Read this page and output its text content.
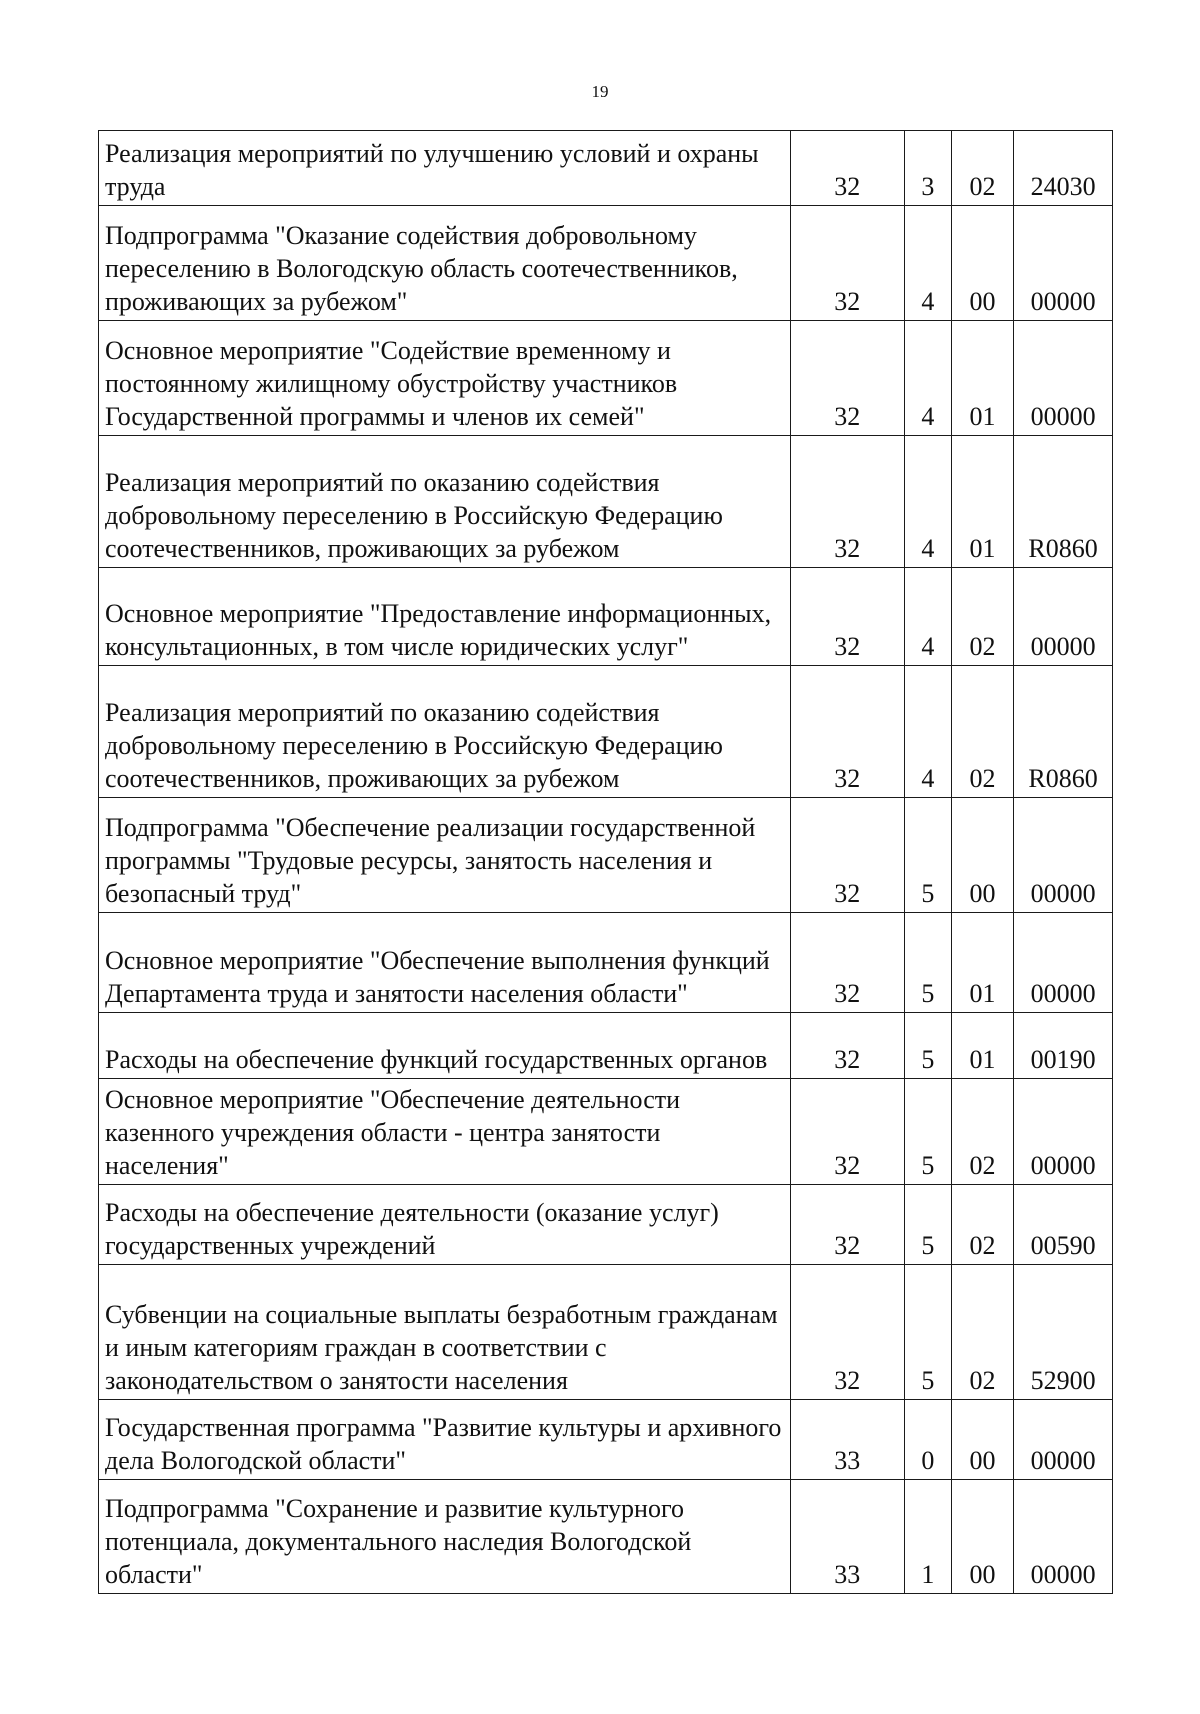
19
Реализация мероприятий по улучшению условий и охраны труда	32	3	02	24030
Подпрограмма "Оказание содействия добровольному переселению в Вологодскую область соотечественников, проживающих за рубежом"	32	4	00	00000
Основное мероприятие "Содействие временному и постоянному жилищному обустройству участников Государственной программы и членов их семей"	32	4	01	00000
Реализация мероприятий по оказанию содействия добровольному переселению в Российскую Федерацию соотечественников, проживающих за рубежом	32	4	01	R0860
Основное мероприятие "Предоставление информационных, консультационных, в том числе юридических услуг"	32	4	02	00000
Реализация мероприятий по оказанию содействия добровольному переселению в Российскую Федерацию соотечественников, проживающих за рубежом	32	4	02	R0860
Подпрограмма "Обеспечение реализации государственной программы "Трудовые ресурсы, занятость населения и безопасный труд"	32	5	00	00000
Основное мероприятие "Обеспечение выполнения функций Департамента труда и занятости населения области"	32	5	01	00000
Расходы на обеспечение функций государственных органов	32	5	01	00190
Основное мероприятие "Обеспечение деятельности казенного учреждения области - центра занятости населения"	32	5	02	00000
Расходы на обеспечение деятельности (оказание услуг) государственных учреждений	32	5	02	00590
Субвенции на социальные выплаты безработным гражданам и иным категориям граждан в соответствии с законодательством о занятости населения	32	5	02	52900
Государственная программа "Развитие культуры и архивного дела Вологодской области"	33	0	00	00000
Подпрограмма "Сохранение и развитие культурного потенциала, документального наследия Вологодской области"	33	1	00	00000
